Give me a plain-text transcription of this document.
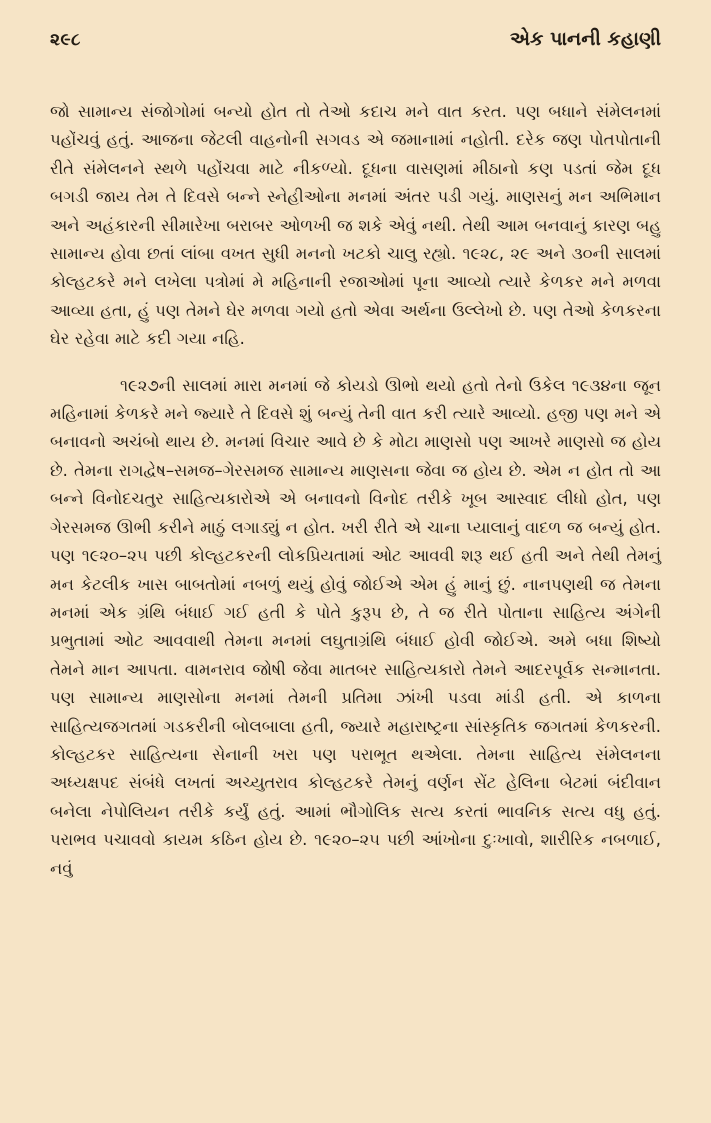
૨૯૮	એક પાનની કહાણી

જો સામાન્ય સંજોગોમાં બન્યો હોત તો તેઓ કદાચ મને વાત કરત. પણ બધાને સંમેલનમાં પહોંચવું હતું. આજના જેટલી વાહનોની સગવડ એ જમાનામાં નહોતી. દરેક જણ પોતપોતાની રીતે સંમેલનને સ્થળે પહોંચવા માટે નીકળ્યો. દૂધના વાસણમાં મીઠાનો કણ પડતાં જેમ દૂધ બગડી જાય તેમ તે દિવસે બન્ને સ્નેહીઓના મનમાં અંતર પડી ગયું. માણસનું મન અભિમાન અને અહંકારની સીમારેખા બરાબર ઓળખી જ શકે એવું નથી. તેથી આમ બનવાનું કારણ બહુ સામાન્ય હોવા છતાં લાંબા વખત સુધી મનનો ખટકો ચાલુ રહ્યો. ૧૯૨૮, ૨૯ અને ૩૦ની સાલમાં કોલ્હટકરે મને લખેલા પત્રોમાં મે મહિનાની રજાઓમાં પૂના આવ્યો ત્યારે કેળકર મને મળવા આવ્યા હતા, હું પણ તેમને ઘેર મળવા ગયો હતો એવા અર્થના ઉલ્લેખો છે. પણ તેઓ કેળકરના ઘેર રહેવા માટે કદી ગયા નહિ.

૧૯૨૭ની સાલમાં મારા મનમાં જે કોયડો ઊભો થયો હતો તેનો ઉકેલ ૧૯૩૪ના જૂન મહિનામાં કેળકરે મને જ્યારે તે દિવસે શું બન્યું તેની વાત કરી ત્યારે આવ્યો. હજી પણ મને એ બનાવનો અચંબો થાય છે. મનમાં વિચાર આવે છે કે મોટા માણસો પણ આખરે માણસો જ હોય છે. તેમના રાગદ્વેષ–સમજ–ગેરસમજ સામાન્ય માણસના જેવા જ હોય છે. એમ ન હોત તો આ બન્ને વિનોદચતુર સાહિત્યકારોએ એ બનાવનો વિનોદ તરીકે ખૂબ આસ્વાદ લીધો હોત, પણ ગેરસમજ ઊભી કરીને માઠું લગાડ્યું ન હોત. ખરી રીતે એ ચાના પ્યાલાનું વાદળ જ બન્યું હોત. પણ ૧૯૨૦–૨૫ પછી કોલ્હટકરની લોકપ્રિયતામાં ઓટ આવવી શરૂ થઈ હતી અને તેથી તેમનું મન કેટલીક ખાસ બાબતોમાં નબળું થયું હોવું જોઈએ એમ હું માનું છું. નાનપણથી જ તેમના મનમાં એક ગ્રંથિ બંધાઈ ગઈ હતી કે પોતે કુરૂપ છે, તે જ રીતે પોતાના સાહિત્ય અંગેની પ્રભુતામાં ઓટ આવવાથી તેમના મનમાં લઘુતાગ્રંથિ બંધાઈ હોવી જોઈએ. અમે બધા શિષ્યો તેમને માન આપતા. વામનરાવ જોષી જેવા માતબર સાહિત્યકારો તેમને આદરપૂર્વક સન્માનતા. પણ સામાન્ય માણસોના મનમાં તેમની પ્રતિમા ઝાંખી પડવા માંડી હતી. એ કાળના સાહિત્યજગતમાં ગડકરીની બોલબાલા હતી, જ્યારે મહારાષ્ટ્રના સાંસ્કૃતિક જગતમાં કેળકરની. કોલ્હટકર સાહિત્યના સેનાની ખરા પણ પરાભૂત થએલા. તેમના સાહિત્ય સંમેલનના અધ્યક્ષપદ સંબંધે લખતાં અચ્યુતરાવ કોલ્હટકરે તેમનું વર્ણન સેંટ હેલિના બેટમાં બંદીવાન બનેલા નેપોલિયન તરીકે કર્યું હતું. આમાં ભૌગોલિક સત્ય કરતાં ભાવનિક સત્ય વધુ હતું. પરાભવ પચાવવો કાયમ કઠિન હોય છે. ૧૯૨૦–૨૫ પછી આંખોના દુઃખાવો, શારીરિક નબળાઈ, નવું
